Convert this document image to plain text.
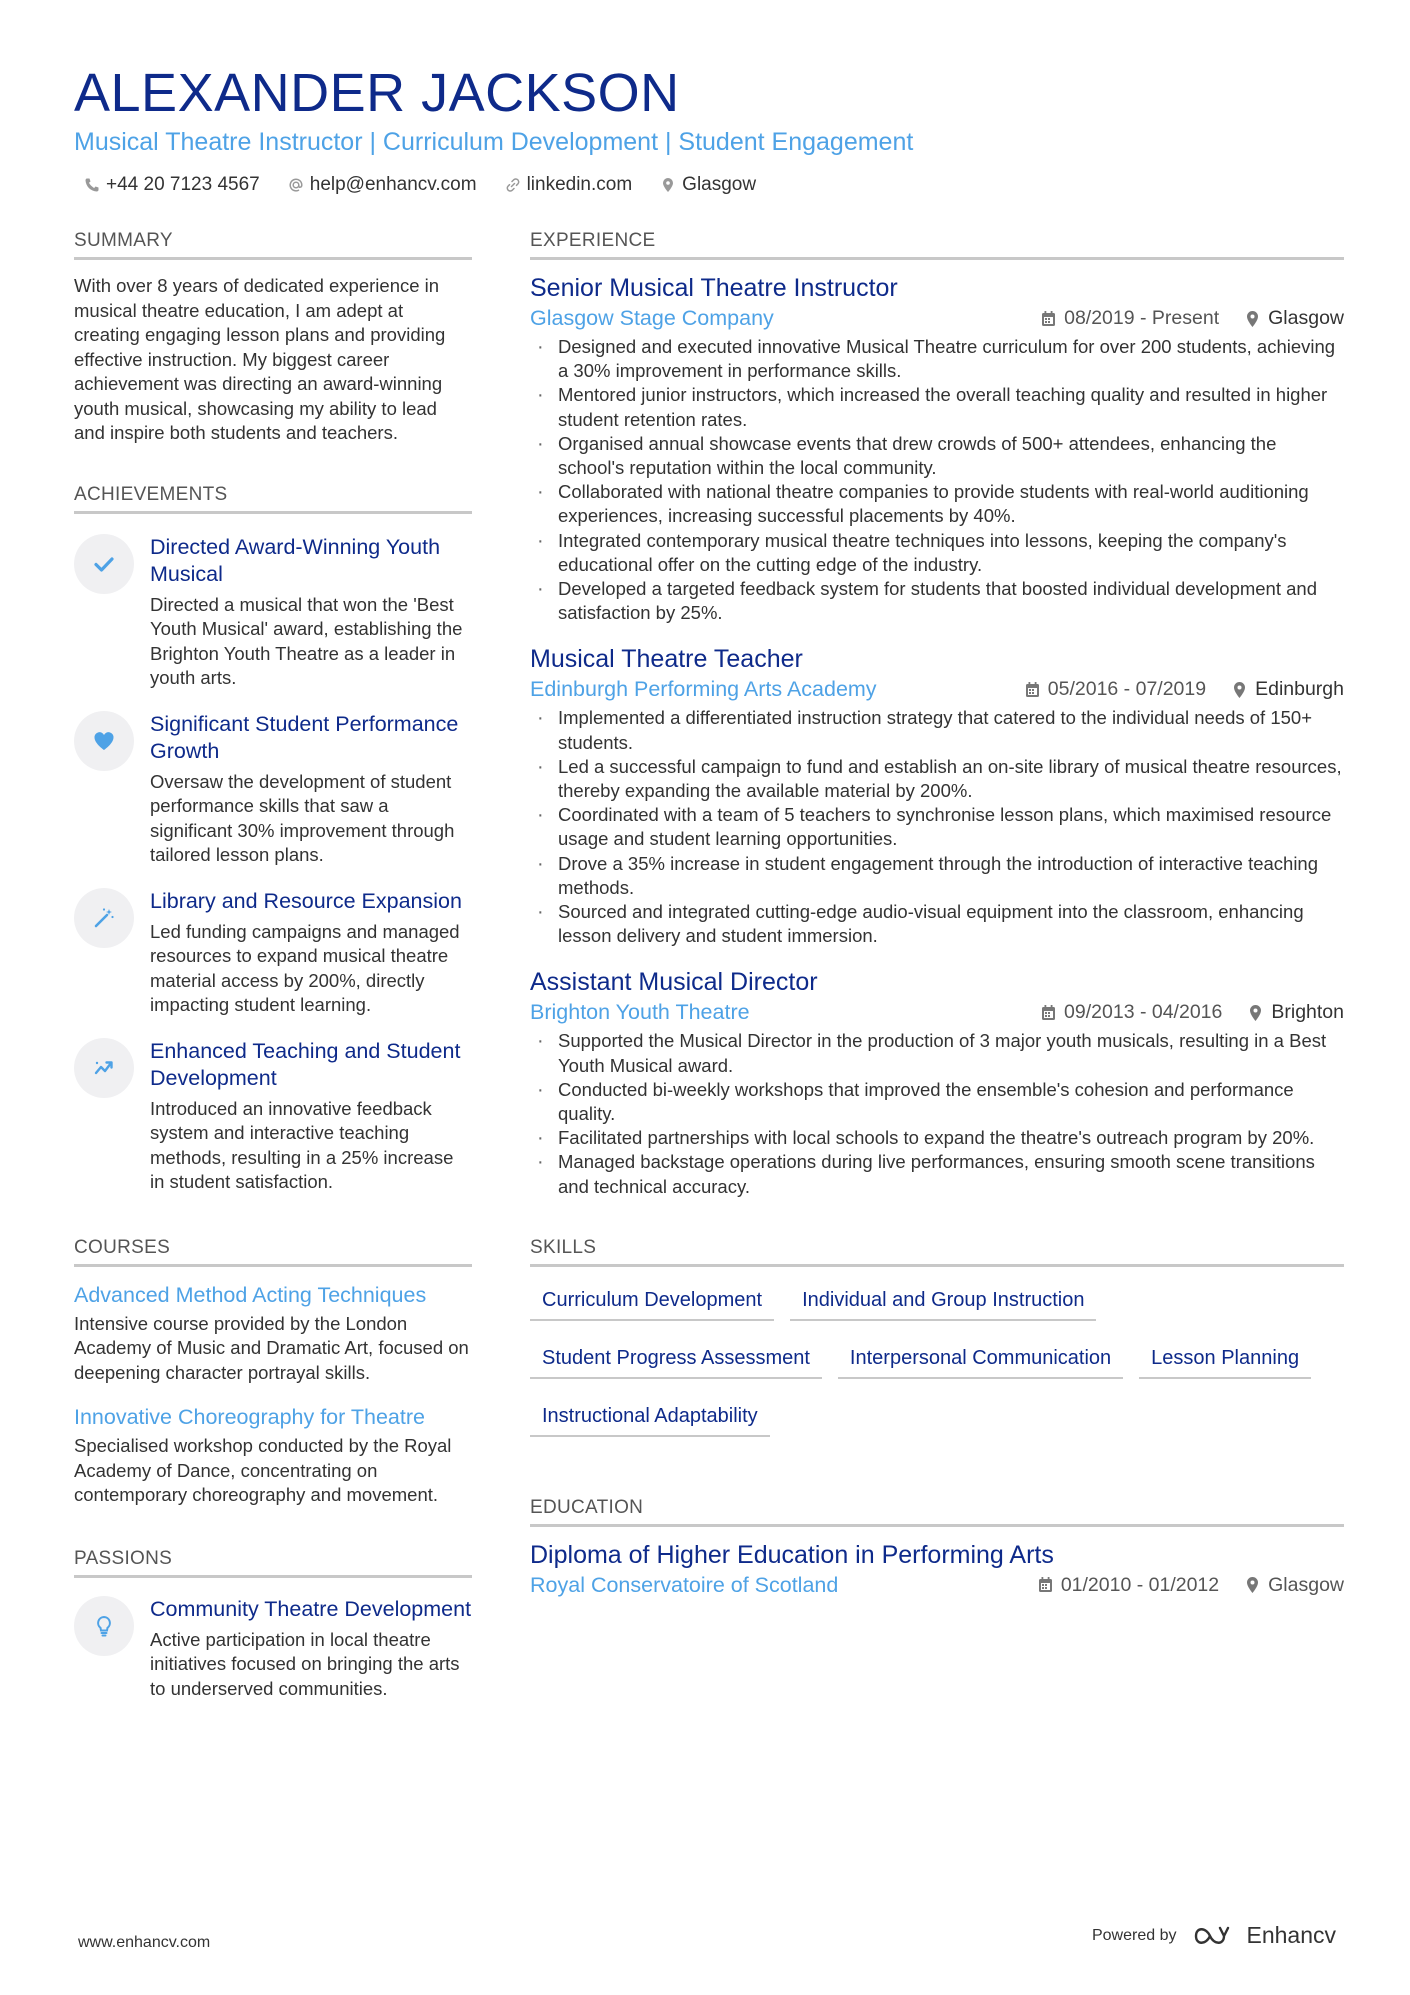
ALEXANDER JACKSON
Musical Theatre Instructor | Curriculum Development | Student Engagement
+44 20 7123 4567	help@enhancv.com	linkedin.com	Glasgow
SUMMARY
With over 8 years of dedicated experience in musical theatre education, I am adept at creating engaging lesson plans and providing effective instruction. My biggest career achievement was directing an award-winning youth musical, showcasing my ability to lead and inspire both students and teachers.
ACHIEVEMENTS
Directed Award-Winning Youth Musical
Directed a musical that won the 'Best Youth Musical' award, establishing the Brighton Youth Theatre as a leader in youth arts.
Significant Student Performance Growth
Oversaw the development of student performance skills that saw a significant 30% improvement through tailored lesson plans.
Library and Resource Expansion
Led funding campaigns and managed resources to expand musical theatre material access by 200%, directly impacting student learning.
Enhanced Teaching and Student Development
Introduced an innovative feedback system and interactive teaching methods, resulting in a 25% increase in student satisfaction.
COURSES
Advanced Method Acting Techniques
Intensive course provided by the London Academy of Music and Dramatic Art, focused on deepening character portrayal skills.
Innovative Choreography for Theatre
Specialised workshop conducted by the Royal Academy of Dance, concentrating on contemporary choreography and movement.
PASSIONS
Community Theatre Development
Active participation in local theatre initiatives focused on bringing the arts to underserved communities.
EXPERIENCE
Senior Musical Theatre Instructor
Glasgow Stage Company	08/2019 - Present	Glasgow
· Designed and executed innovative Musical Theatre curriculum for over 200 students, achieving a 30% improvement in performance skills.
· Mentored junior instructors, which increased the overall teaching quality and resulted in higher student retention rates.
· Organised annual showcase events that drew crowds of 500+ attendees, enhancing the school's reputation within the local community.
· Collaborated with national theatre companies to provide students with real-world auditioning experiences, increasing successful placements by 40%.
· Integrated contemporary musical theatre techniques into lessons, keeping the company's educational offer on the cutting edge of the industry.
· Developed a targeted feedback system for students that boosted individual development and satisfaction by 25%.
Musical Theatre Teacher
Edinburgh Performing Arts Academy	05/2016 - 07/2019	Edinburgh
· Implemented a differentiated instruction strategy that catered to the individual needs of 150+ students.
· Led a successful campaign to fund and establish an on-site library of musical theatre resources, thereby expanding the available material by 200%.
· Coordinated with a team of 5 teachers to synchronise lesson plans, which maximised resource usage and student learning opportunities.
· Drove a 35% increase in student engagement through the introduction of interactive teaching methods.
· Sourced and integrated cutting-edge audio-visual equipment into the classroom, enhancing lesson delivery and student immersion.
Assistant Musical Director
Brighton Youth Theatre	09/2013 - 04/2016	Brighton
· Supported the Musical Director in the production of 3 major youth musicals, resulting in a Best Youth Musical award.
· Conducted bi-weekly workshops that improved the ensemble's cohesion and performance quality.
· Facilitated partnerships with local schools to expand the theatre's outreach program by 20%.
· Managed backstage operations during live performances, ensuring smooth scene transitions and technical accuracy.
SKILLS
Curriculum Development	Individual and Group Instruction
Student Progress Assessment	Interpersonal Communication	Lesson Planning
Instructional Adaptability
EDUCATION
Diploma of Higher Education in Performing Arts
Royal Conservatoire of Scotland	01/2010 - 01/2012	Glasgow
www.enhancv.com	Powered by	Enhancv
